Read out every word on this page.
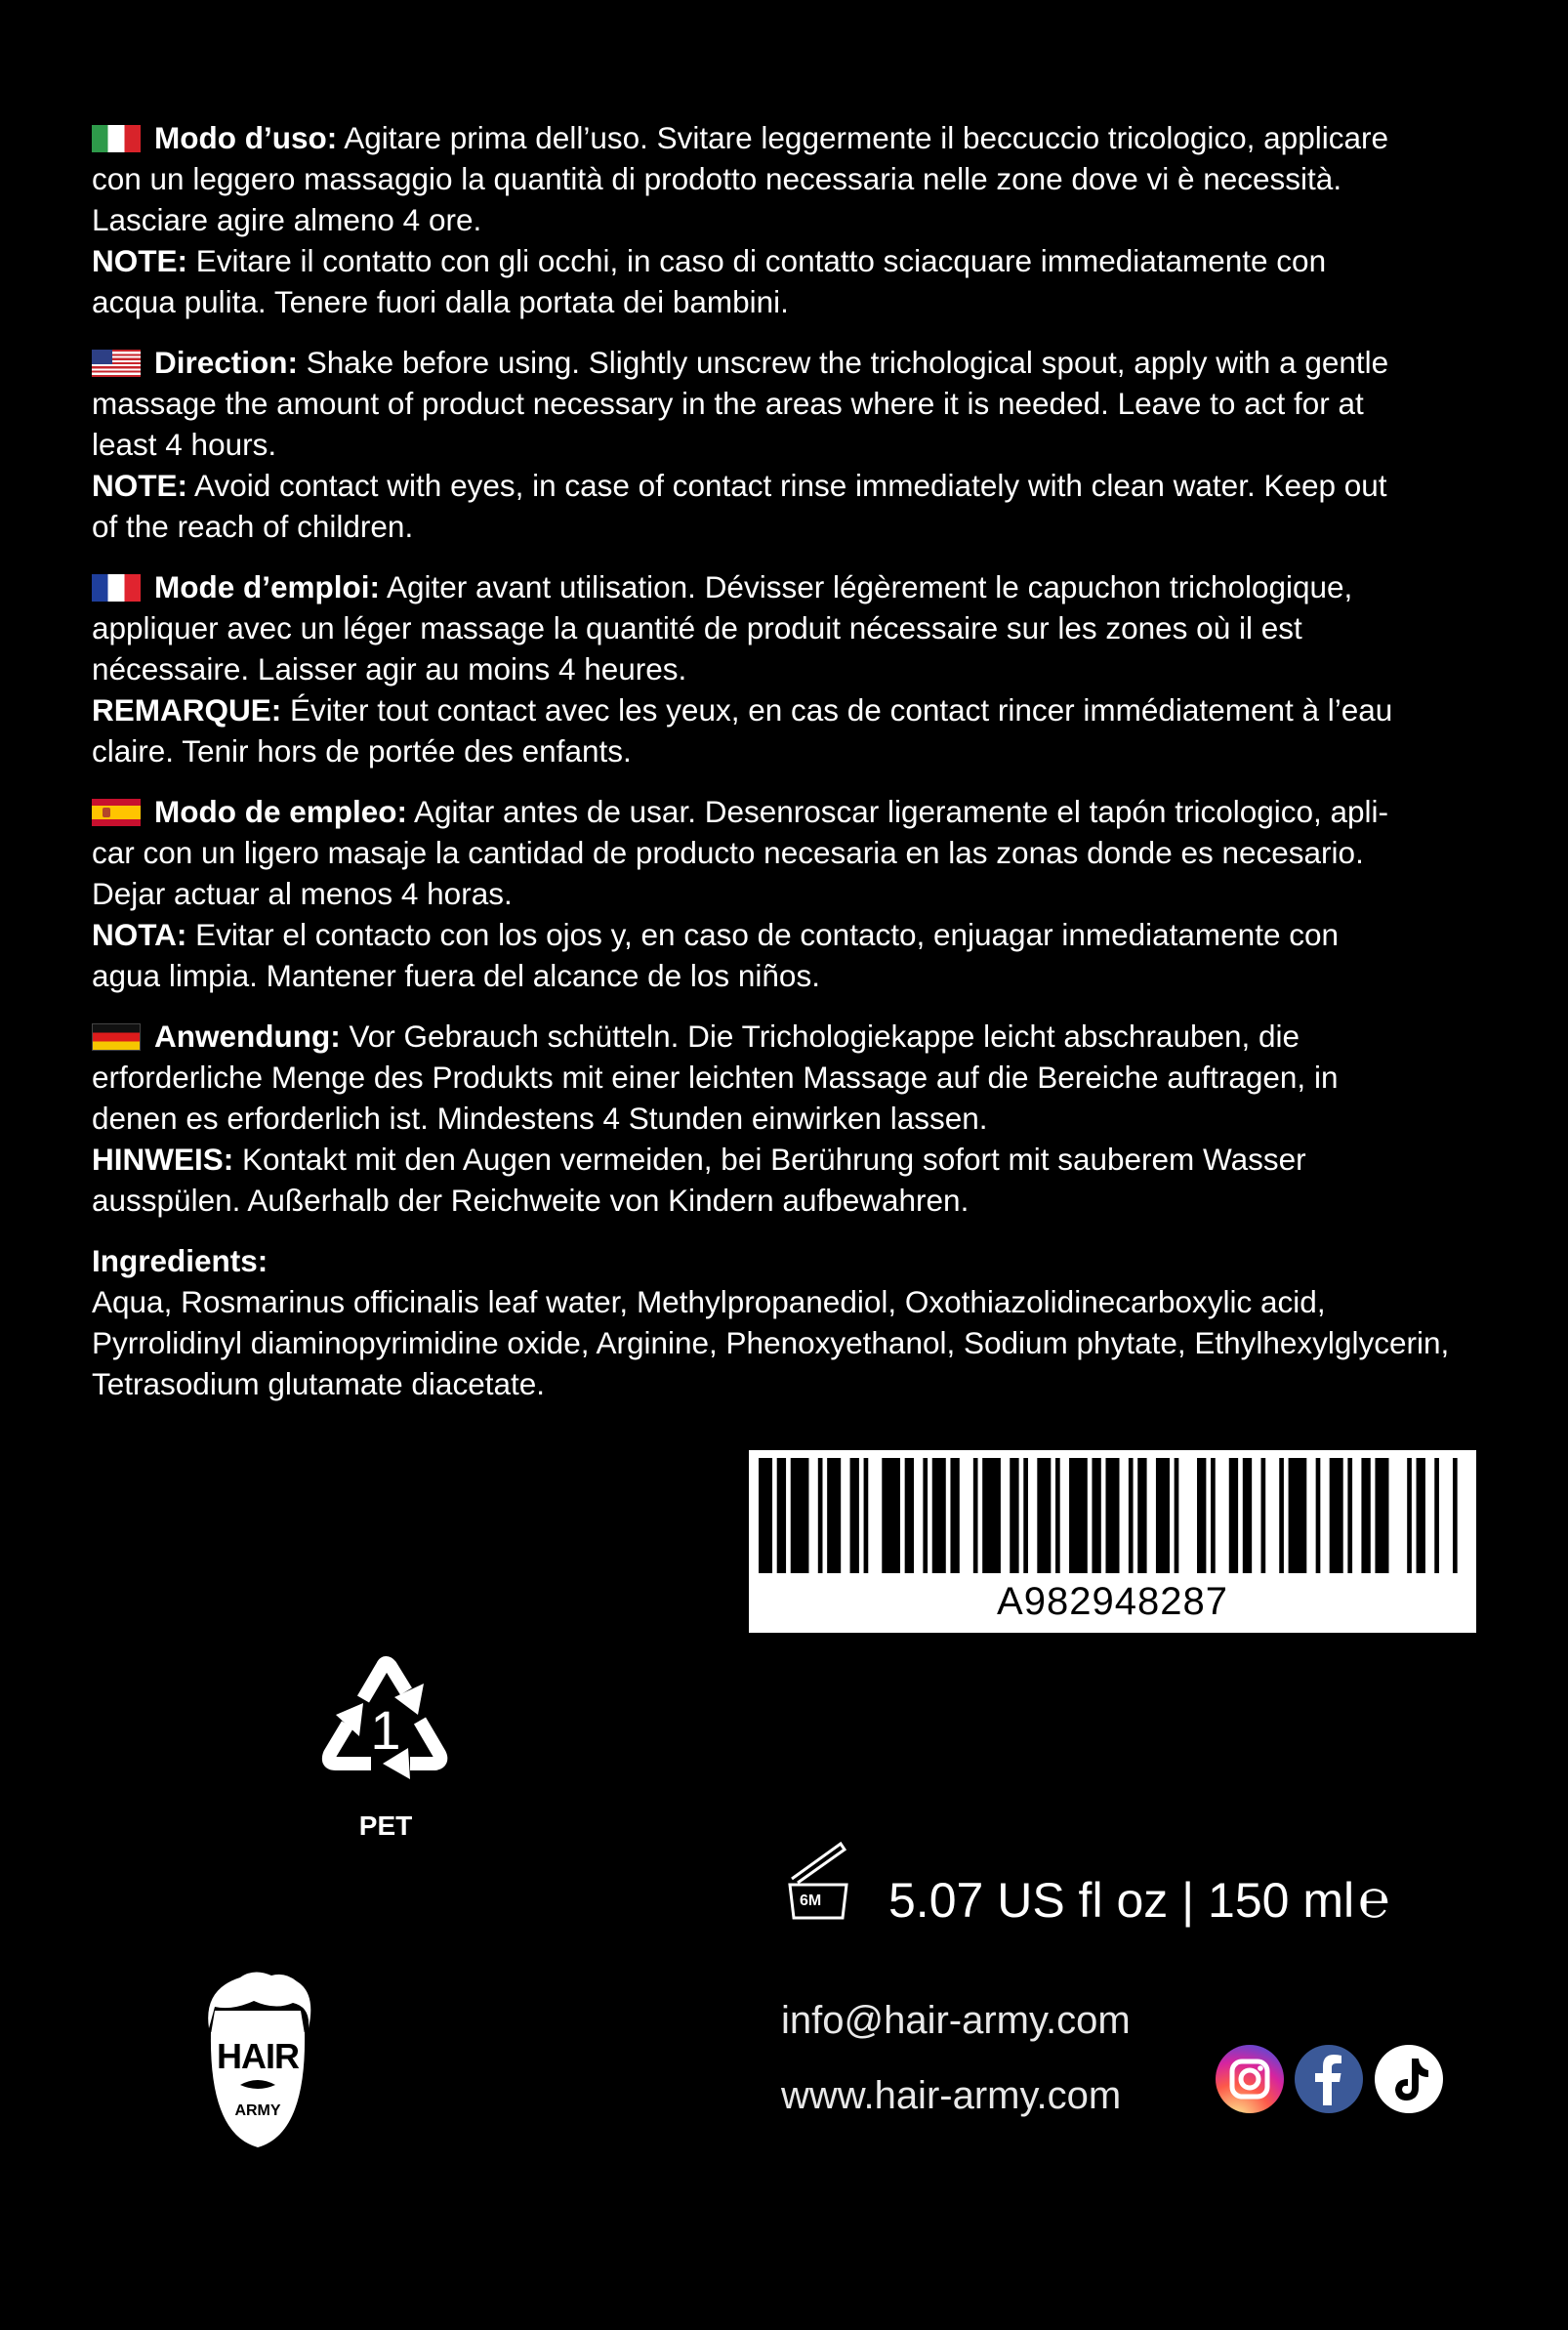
Modo d’uso: Agitare prima dell’uso. Svitare leggermente il beccuccio tricologico, applicare
con un leggero massaggio la quantità di prodotto necessaria nelle zone dove vi è necessità.
Lasciare agire almeno 4 ore.
NOTE: Evitare il contatto con gli occhi, in caso di contatto sciacquare immediatamente con
acqua pulita. Tenere fuori dalla portata dei bambini.
Direction: Shake before using. Slightly unscrew the trichological spout, apply with a gentle
massage the amount of product necessary in the areas where it is needed. Leave to act for at
least 4 hours.
NOTE: Avoid contact with eyes, in case of contact rinse immediately with clean water. Keep out
of the reach of children.
Mode d’emploi: Agiter avant utilisation. Dévisser légèrement le capuchon trichologique,
appliquer avec un léger massage la quantité de produit nécessaire sur les zones où il est
nécessaire. Laisser agir au moins 4 heures.
REMARQUE: Éviter tout contact avec les yeux, en cas de contact rincer immédiatement à l’eau
claire. Tenir hors de portée des enfants.
Modo de empleo: Agitar antes de usar. Desenroscar ligeramente el tapón tricologico, apli-
car con un ligero masaje la cantidad de producto necesaria en las zonas donde es necesario.
Dejar actuar al menos 4 horas.
NOTA: Evitar el contacto con los ojos y, en caso de contacto, enjuagar inmediatamente con
agua limpia. Mantener fuera del alcance de los niños.
Anwendung: Vor Gebrauch schütteln. Die Trichologiekappe leicht abschrauben, die
erforderliche Menge des Produkts mit einer leichten Massage auf die Bereiche auftragen, in
denen es erforderlich ist. Mindestens 4 Stunden einwirken lassen.
HINWEIS: Kontakt mit den Augen vermeiden, bei Berührung sofort mit sauberem Wasser
ausspülen. Außerhalb der Reichweite von Kindern aufbewahren.
Ingredients:
Aqua, Rosmarinus officinalis leaf water, Methylpropanediol, Oxothiazolidinecarboxylic acid,
Pyrrolidinyl diaminopyrimidine oxide, Arginine, Phenoxyethanol, Sodium phytate, Ethylhexylglycerin,
Tetrasodium glutamate diacetate.
A982948287
1
PET
6M 5.07 US fl oz | 150 ml℮
HAIR
ARMY
info@hair-army.com
www.hair-army.com
